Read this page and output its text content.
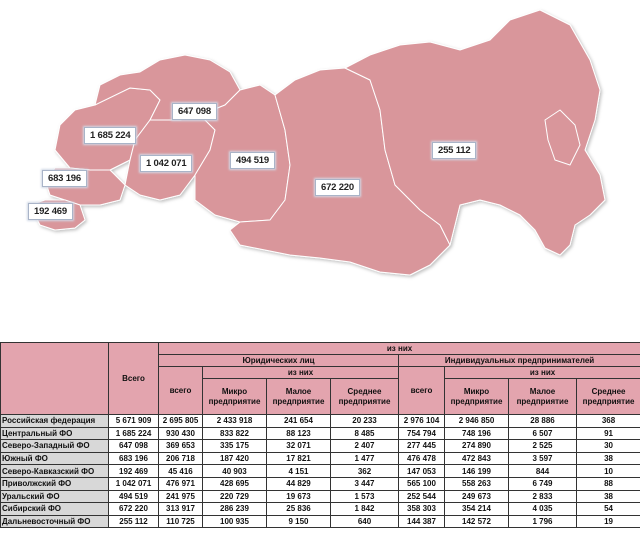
647 098
1 685 224
1 042 071	494 519
683 196
672 220
255 112
192 469
	Всего	из них							
		Юридических лиц				Индивидуальных предпринимателей			
		всего	из них			всего	из них		
			Микро предприятие	Малое предприятие	Среднее предприятие		Микро предприятие	Малое предприятие	Среднее предприятие
Российская федерация	5 671 909	2 695 805	2 433 918	241 654	20 233	2 976 104	2 946 850	28 886	368
Центральный ФО	1 685 224	930 430	833 822	88 123	8 485	754 794	748 196	6 507	91
Северо-Западный ФО	647 098	369 653	335 175	32 071	2 407	277 445	274 890	2 525	30
Южный ФО	683 196	206 718	187 420	17 821	1 477	476 478	472 843	3 597	38
Северо-Кавказский ФО	192 469	45 416	40 903	4 151	362	147 053	146 199	844	10
Приволжский ФО	1 042 071	476 971	428 695	44 829	3 447	565 100	558 263	6 749	88
Уральский ФО	494 519	241 975	220 729	19 673	1 573	252 544	249 673	2 833	38
Сибирский ФО	672 220	313 917	286 239	25 836	1 842	358 303	354 214	4 035	54
Дальневосточный ФО	255 112	110 725	100 935	9 150	640	144 387	142 572	1 796	19
